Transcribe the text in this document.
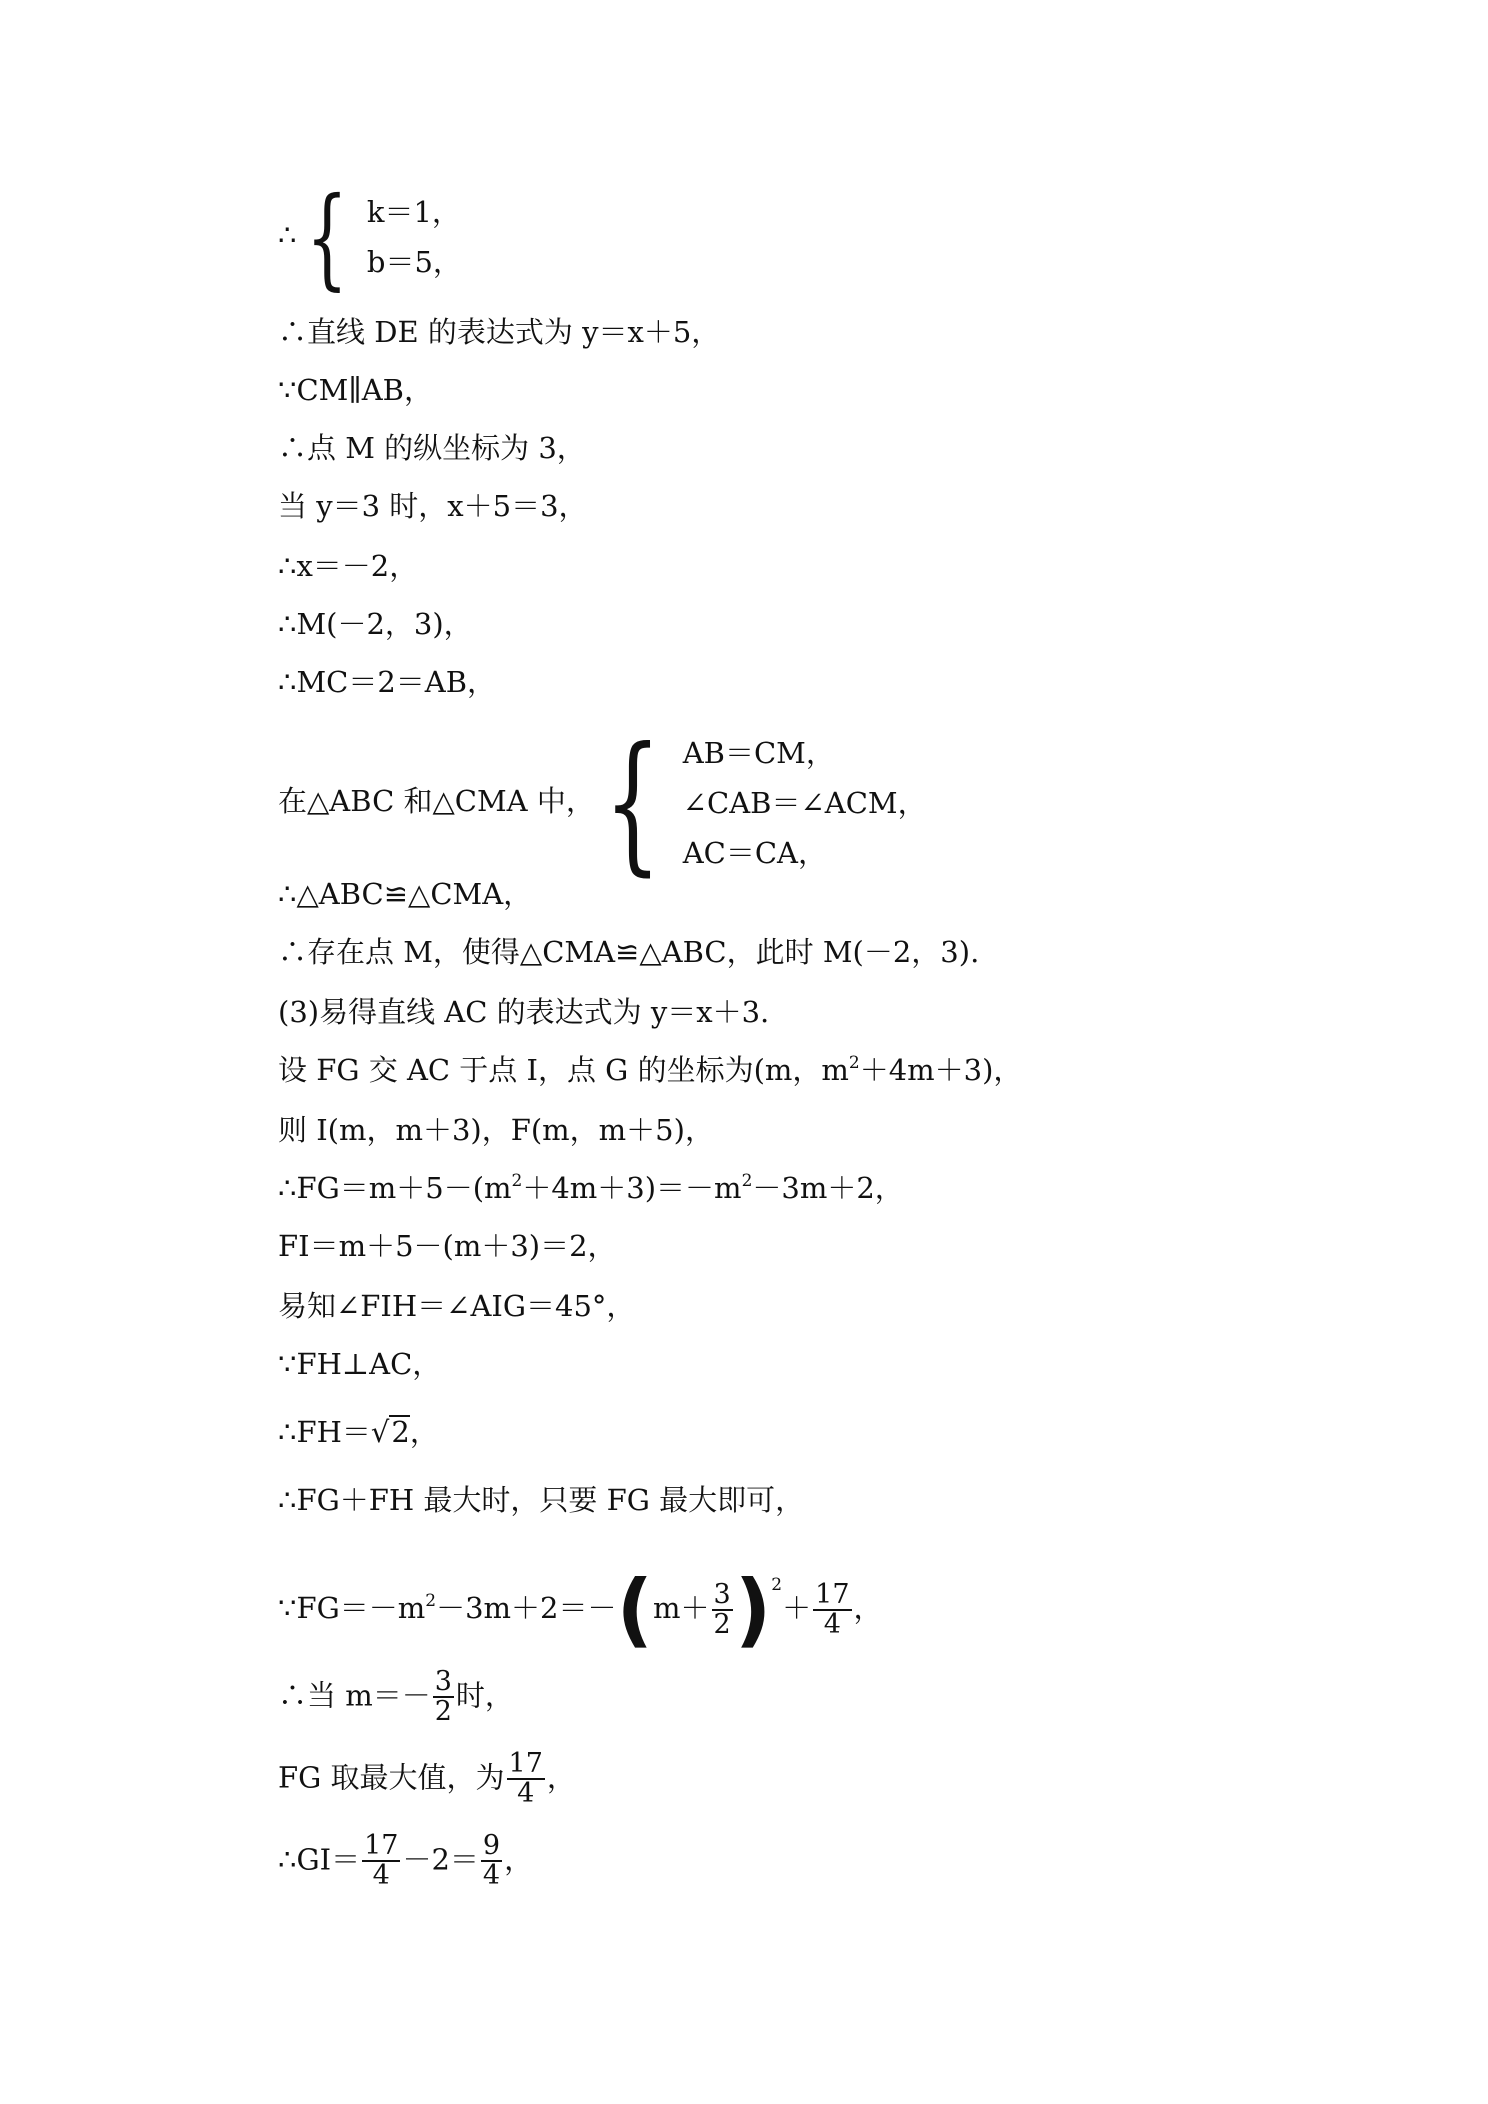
∴ { k＝1，
b＝5，
∴直线 DE 的表达式为 y＝x＋5，
∵CM∥AB，
∴点 M 的纵坐标为 3，
当 y＝3 时，x＋5＝3，
∴x＝－2，
∴M(－2，3)，
∴MC＝2＝AB，
在△ABC 和△CMA 中， { AB＝CM，
∠CAB＝∠ACM，
AC＝CA，
∴△ABC≌△CMA，
∴存在点 M，使得△CMA≌△ABC，此时 M(－2，3).
(3)易得直线 AC 的表达式为 y＝x＋3.
设 FG 交 AC 于点 I，点 G 的坐标为(m，$m^2+4m+3$)，
则 I(m，m＋3)，F(m，m＋5)，
$\therefore FG=m+5-(m^2+4m+3)=-m^2-3m+2$，
FI＝m＋5－(m＋3)＝2，
易知∠FIH＝∠AIG＝45°，
∵FH⊥AC，
∴FH＝√2，
∴FG＋FH 最大时，只要 FG 最大即可，
$\because FG=-m^2-3m+2=-(m+ \frac{3}{2} )^2+ \frac{17}{4}$ ，
∴当 $m=- \frac{3}{2}$ 时，
FG 取最大值，为 $\frac{17}{4}$ ，
∴GI＝ $\frac{17}{4} -2= \frac{9}{4}$ ，
